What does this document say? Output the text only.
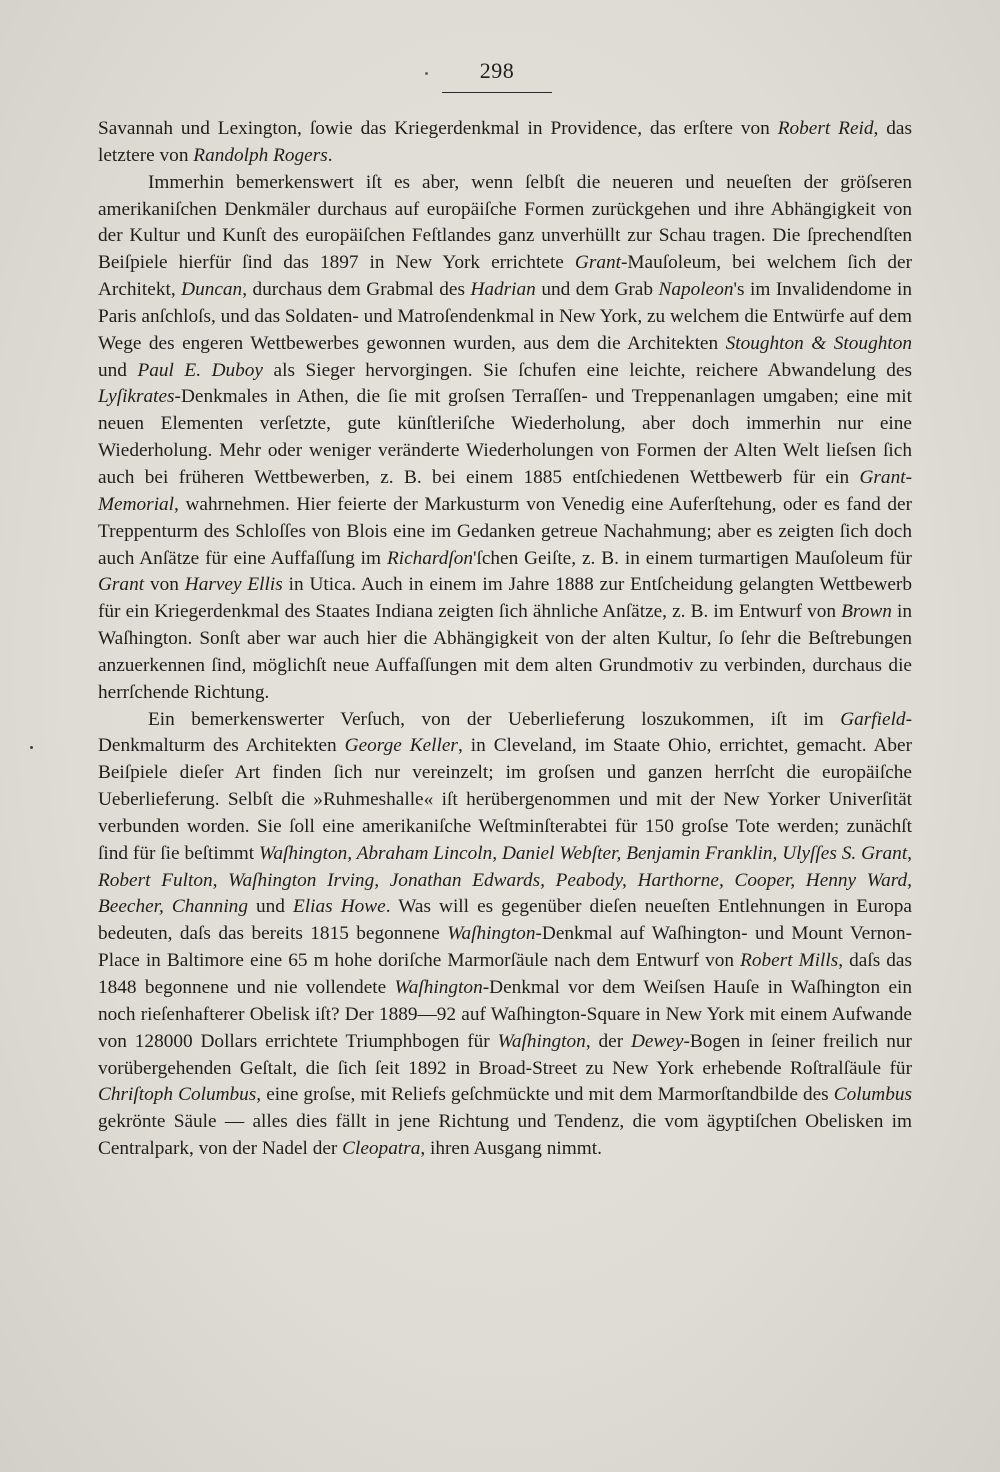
298

Savannah und Lexington, ſowie das Kriegerdenkmal in Providence, das erſtere von Robert Reid, das letztere von Randolph Rogers.

Immerhin bemerkenswert iſt es aber, wenn ſelbſt die neueren und neueſten der gröſseren amerikaniſchen Denkmäler durchaus auf europäiſche Formen zurückgehen und ihre Abhängigkeit von der Kultur und Kunſt des europäiſchen Feſtlandes ganz unverhüllt zur Schau tragen. Die ſprechendſten Beiſpiele hierfür ſind das 1897 in New York errichtete Grant-Mauſoleum, bei welchem ſich der Architekt, Duncan, durchaus dem Grabmal des Hadrian und dem Grab Napoleon's im Invalidendome in Paris anſchloſs, und das Soldaten- und Matroſendenkmal in New York, zu welchem die Entwürfe auf dem Wege des engeren Wettbewerbes gewonnen wurden, aus dem die Architekten Stoughton & Stoughton und Paul E. Duboy als Sieger hervorgingen. Sie ſchufen eine leichte, reichere Abwandelung des Lyſikrates-Denkmales in Athen, die ſie mit groſsen Terraſſen- und Treppenanlagen umgaben; eine mit neuen Elementen verſetzte, gute künſtleriſche Wiederholung, aber doch immerhin nur eine Wiederholung. Mehr oder weniger veränderte Wiederholungen von Formen der Alten Welt lieſsen ſich auch bei früheren Wettbewerben, z. B. bei einem 1885 entſchiedenen Wettbewerb für ein Grant-Memorial, wahrnehmen. Hier feierte der Markusturm von Venedig eine Auferſtehung, oder es fand der Treppenturm des Schloſſes von Blois eine im Gedanken getreue Nachahmung; aber es zeigten ſich doch auch Anſätze für eine Auffaſſung im Richardſon'ſchen Geiſte, z. B. in einem turmartigen Mauſoleum für Grant von Harvey Ellis in Utica. Auch in einem im Jahre 1888 zur Entſcheidung gelangten Wettbewerb für ein Kriegerdenkmal des Staates Indiana zeigten ſich ähnliche Anſätze, z. B. im Entwurf von Brown in Waſhington. Sonſt aber war auch hier die Abhängigkeit von der alten Kultur, ſo ſehr die Beſtrebungen anzuerkennen ſind, möglichſt neue Auffaſſungen mit dem alten Grundmotiv zu verbinden, durchaus die herrſchende Richtung.

Ein bemerkenswerter Verſuch, von der Ueberlieferung loszukommen, iſt im Garfield-Denkmalturm des Architekten George Keller, in Cleveland, im Staate Ohio, errichtet, gemacht. Aber Beiſpiele dieſer Art finden ſich nur vereinzelt; im groſsen und ganzen herrſcht die europäiſche Ueberlieferung. Selbſt die »Ruhmeshalle« iſt herübergenommen und mit der New Yorker Univerſität verbunden worden. Sie ſoll eine amerikaniſche Weſtminſterabtei für 150 groſse Tote werden; zunächſt ſind für ſie beſtimmt Waſhington, Abraham Lincoln, Daniel Webſter, Benjamin Franklin, Ulyſſes S. Grant, Robert Fulton, Waſhington Irving, Jonathan Edwards, Peabody, Harthorne, Cooper, Henny Ward, Beecher, Channing und Elias Howe. Was will es gegenüber dieſen neueſten Entlehnungen in Europa bedeuten, daſs das bereits 1815 begonnene Waſhington-Denkmal auf Waſhington- und Mount Vernon-Place in Baltimore eine 65 m hohe doriſche Marmorſäule nach dem Entwurf von Robert Mills, daſs das 1848 begonnene und nie vollendete Waſhington-Denkmal vor dem Weiſsen Hauſe in Waſhington ein noch rieſenhafterer Obelisk iſt? Der 1889—92 auf Waſhington-Square in New York mit einem Aufwande von 128000 Dollars errichtete Triumphbogen für Waſhington, der Dewey-Bogen in ſeiner freilich nur vorübergehenden Geſtalt, die ſich ſeit 1892 in Broad-Street zu New York erhebende Roſtralſäule für Chriſtoph Columbus, eine groſse, mit Reliefs geſchmückte und mit dem Marmorſtandbilde des Columbus gekrönte Säule — alles dies fällt in jene Richtung und Tendenz, die vom ägyptiſchen Obelisken im Centralpark, von der Nadel der Cleopatra, ihren Ausgang nimmt.
